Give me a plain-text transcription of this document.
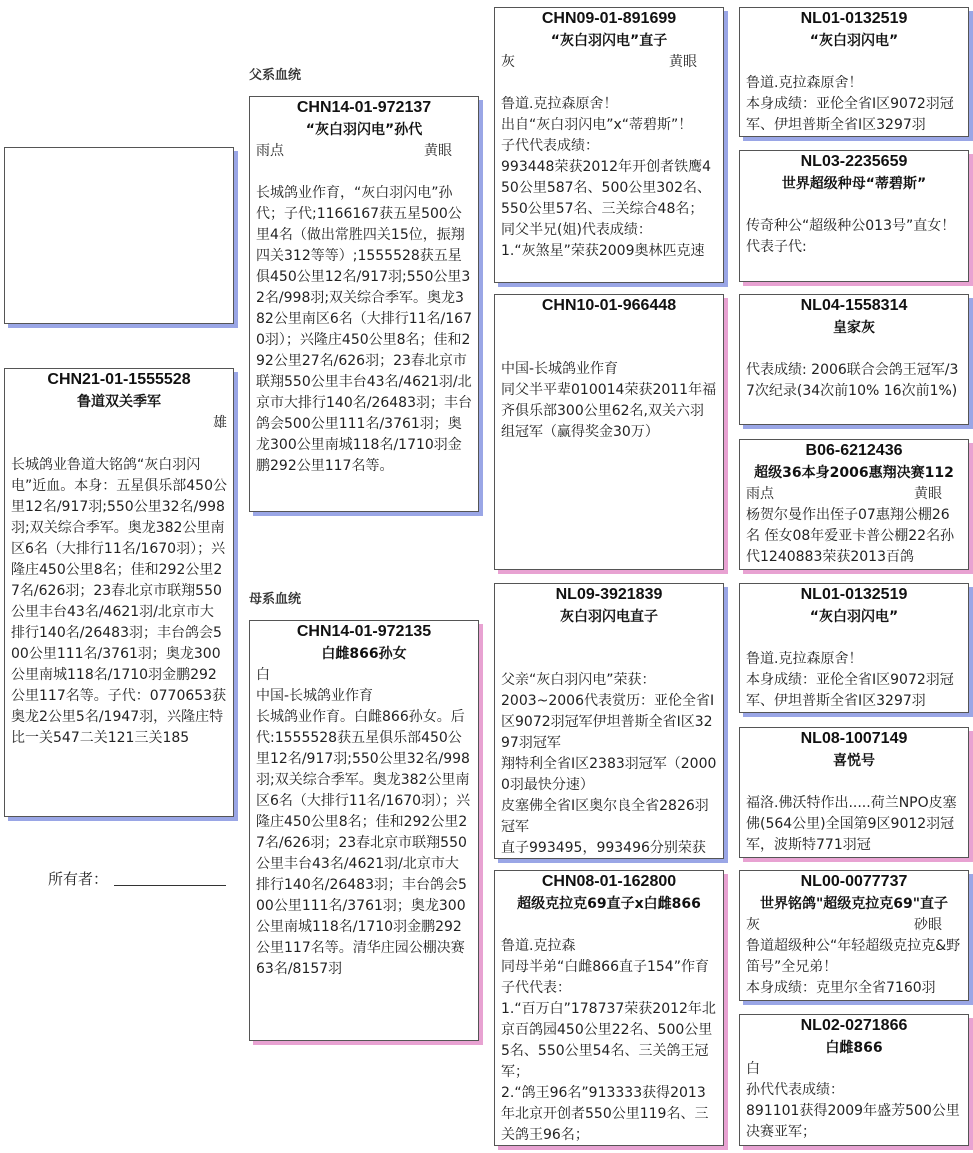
父系血统
母系血统
CHN21-01-1555528
鲁道双关季军
雄
长城鸽业鲁道大铭鸽“灰白羽闪电”近血。本身：五星俱乐部450公里12名/917羽;550公里32名/998羽;双关综合季军。奥龙382公里南区6名（大排行11名/1670羽）；兴隆庄450公里8名；佳和292公里27名/626羽；23春北京市联翔550公里丰台43名/4621羽/北京市大排行140名/26483羽；丰台鸽会500公里111名/3761羽；奥龙300公里南城118名/1710羽金鹏292公里117名等。子代：0770653获奥龙2公里5名/1947羽，兴隆庄特比一关547二关121三关185
所有者：
CHN14-01-972137
“灰白羽闪电”孙代
雨点	黄眼
长城鸽业作育，“灰白羽闪电”孙代；子代;1166167获五星500公里4名（做出常胜四关15位，振翔四关312等等）;1555528获五星俱450公里12名/917羽;550公里32名/998羽;双关综合季军。奥龙382公里南区6名（大排行11名/1670羽）；兴隆庄450公里8名；佳和292公里27名/626羽；23春北京市联翔550公里丰台43名/4621羽/北京市大排行140名/26483羽；丰台鸽会500公里111名/3761羽；奥龙300公里南城118名/1710羽金鹏292公里117名等。
CHN14-01-972135
白雌866孙女
白
中国-长城鸽业作育
长城鸽业作育。白雌866孙女。后代:1555528获五星俱乐部450公里12名/917羽;550公里32名/998羽;双关综合季军。奥龙382公里南区6名（大排行11名/1670羽）；兴隆庄450公里8名；佳和292公里27名/626羽；23春北京市联翔550公里丰台43名/4621羽/北京市大排行140名/26483羽；丰台鸽会500公里111名/3761羽；奥龙300公里南城118名/1710羽金鹏292公里117名等。清华庄园公棚决赛63名/8157羽
CHN09-01-891699
“灰白羽闪电”直子
灰	黄眼

鲁道.克拉森原舍！
出自“灰白羽闪电”x“蒂碧斯”！
子代代表成绩：
993448荣获2012年开创者铁鹰450公里587名、500公里302名、550公里57名、三关综合48名；
同父半兄(姐)代表成绩：
1.“灰煞星”荣获2009奥林匹克速
CHN10-01-966448

中国-长城鸽业作育
同父半平辈010014荣获2011年福齐俱乐部300公里62名,双关六羽组冠军（赢得奖金30万）
NL09-3921839
灰白羽闪电直子

父亲“灰白羽闪电”荣获：
2003~2006代表赏历：亚伦全省I区9072羽冠军伊坦普斯全省I区3297羽冠军
翔特利全省I区2383羽冠军（20000羽最快分速）
皮塞佛全省I区奥尔良全省2826羽冠军
直子993495，993496分别荣获
CHN08-01-162800
超级克拉克69直子x白雌866

鲁道.克拉森
同母半弟“白雌866直子154”作育子代代表：
1.“百万白”178737荣获2012年北京百鸽园450公里22名、500公里5名、550公里54名、三关鸽王冠军；
2.“鸽王96名”913333获得2013年北京开创者550公里119名、三关鸽王96名；
NL01-0132519
“灰白羽闪电”

鲁道.克拉森原舍！
本身成绩：亚伦全省I区9072羽冠军、伊坦普斯全省I区3297羽
NL03-2235659
世界超级种母“蒂碧斯”

传奇种公“超级种公013号”直女！
代表子代:
NL04-1558314
皇家灰

代表成绩: 2006联合会鸽王冠军/37次纪录(34次前10% 16次前1%)
B06-6212436
超级36本身2006惠翔决赛112
雨点	黄眼
杨贺尔曼作出侄子07惠翔公棚26名 侄女08年爱亚卡普公棚22名孙代1240883荣获2013百鸽
NL01-0132519
“灰白羽闪电”

鲁道.克拉森原舍！
本身成绩：亚伦全省I区9072羽冠军、伊坦普斯全省I区3297羽
NL08-1007149
喜悦号

福洛.佛沃特作出.....荷兰NPO皮塞佛(564公里)全国第9区9012羽冠军，波斯特771羽冠
NL00-0077737
世界铭鸽"超级克拉克69"直子
灰	砂眼
鲁道超级种公“年轻超级克拉克&野笛号”全兄弟！
本身成绩：克里尔全省7160羽
NL02-0271866
白雌866
白
孙代代表成绩：
891101获得2009年盛芳500公里决赛亚军；
